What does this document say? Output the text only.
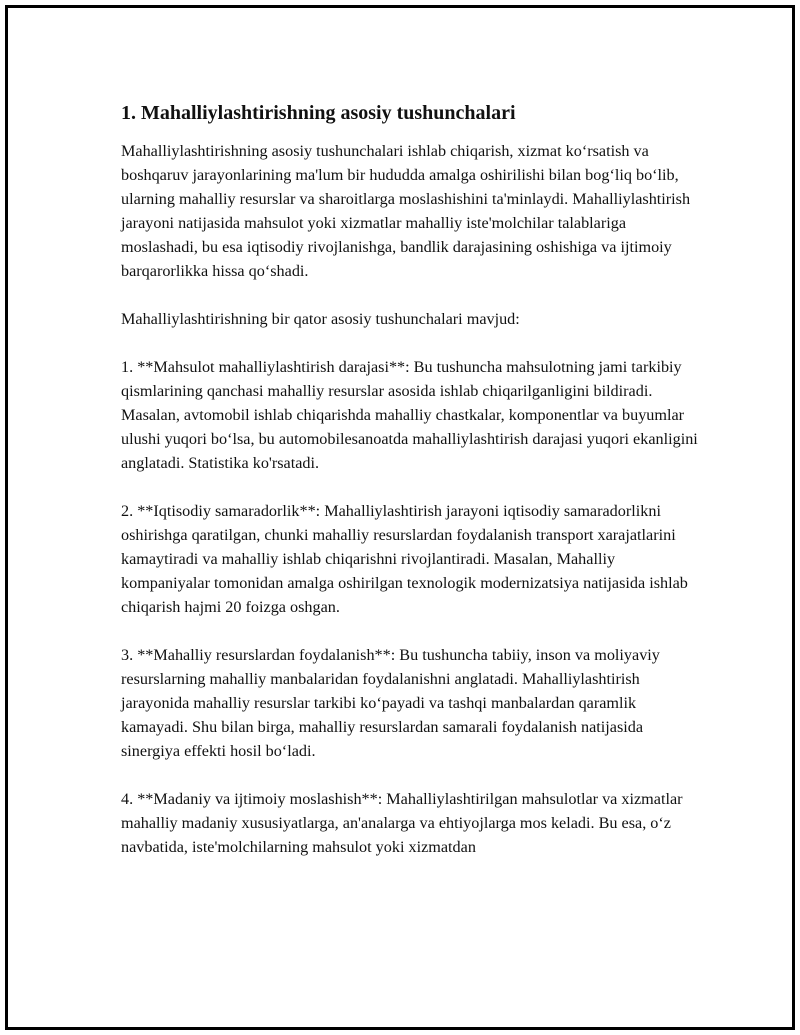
1. Mahalliylashtirishning asosiy tushunchalari

Mahalliylashtirishning asosiy tushunchalari ishlab chiqarish, xizmat ko‘rsatish va boshqaruv jarayonlarining ma'lum bir hududda amalga oshirilishi bilan bog‘liq bo‘lib, ularning mahalliy resurslar va sharoitlarga moslashishini ta'minlaydi. Mahalliylashtirish jarayoni natijasida mahsulot yoki xizmatlar mahalliy iste'molchilar talablariga moslashadi, bu esa iqtisodiy rivojlanishga, bandlik darajasining oshishiga va ijtimoiy barqarorlikka hissa qo‘shadi.

Mahalliylashtirishning bir qator asosiy tushunchalari mavjud:

1. **Mahsulot mahalliylashtirish darajasi**: Bu tushuncha mahsulotning jami tarkibiy qismlarining qanchasi mahalliy resurslar asosida ishlab chiqarilganligini bildiradi. Masalan, avtomobil ishlab chiqarishda mahalliy chastkalar, komponentlar va buyumlar ulushi yuqori bo‘lsa, bu automobilesanoatda mahalliylashtirish darajasi yuqori ekanligini anglatadi. Statistika ko'rsatadi.

2. **Iqtisodiy samaradorlik**: Mahalliylashtirish jarayoni iqtisodiy samaradorlikni oshirishga qaratilgan, chunki mahalliy resurslardan foydalanish transport xarajatlarini kamaytiradi va mahalliy ishlab chiqarishni rivojlantiradi. Masalan, Mahalliy kompaniyalar tomonidan amalga oshirilgan texnologik modernizatsiya natijasida ishlab chiqarish hajmi 20 foizga oshgan.

3. **Mahalliy resurslardan foydalanish**: Bu tushuncha tabiiy, inson va moliyaviy resurslarning mahalliy manbalaridan foydalanishni anglatadi. Mahalliylashtirish jarayonida mahalliy resurslar tarkibi ko‘payadi va tashqi manbalardan qaramlik kamayadi. Shu bilan birga, mahalliy resurslardan samarali foydalanish natijasida sinergiya effekti hosil bo‘ladi.

4. **Madaniy va ijtimoiy moslashish**: Mahalliylashtirilgan mahsulotlar va xizmatlar mahalliy madaniy xususiyatlarga, an'analarga va ehtiyojlarga mos keladi. Bu esa, o‘z navbatida, iste'molchilarning mahsulot yoki xizmatdan
